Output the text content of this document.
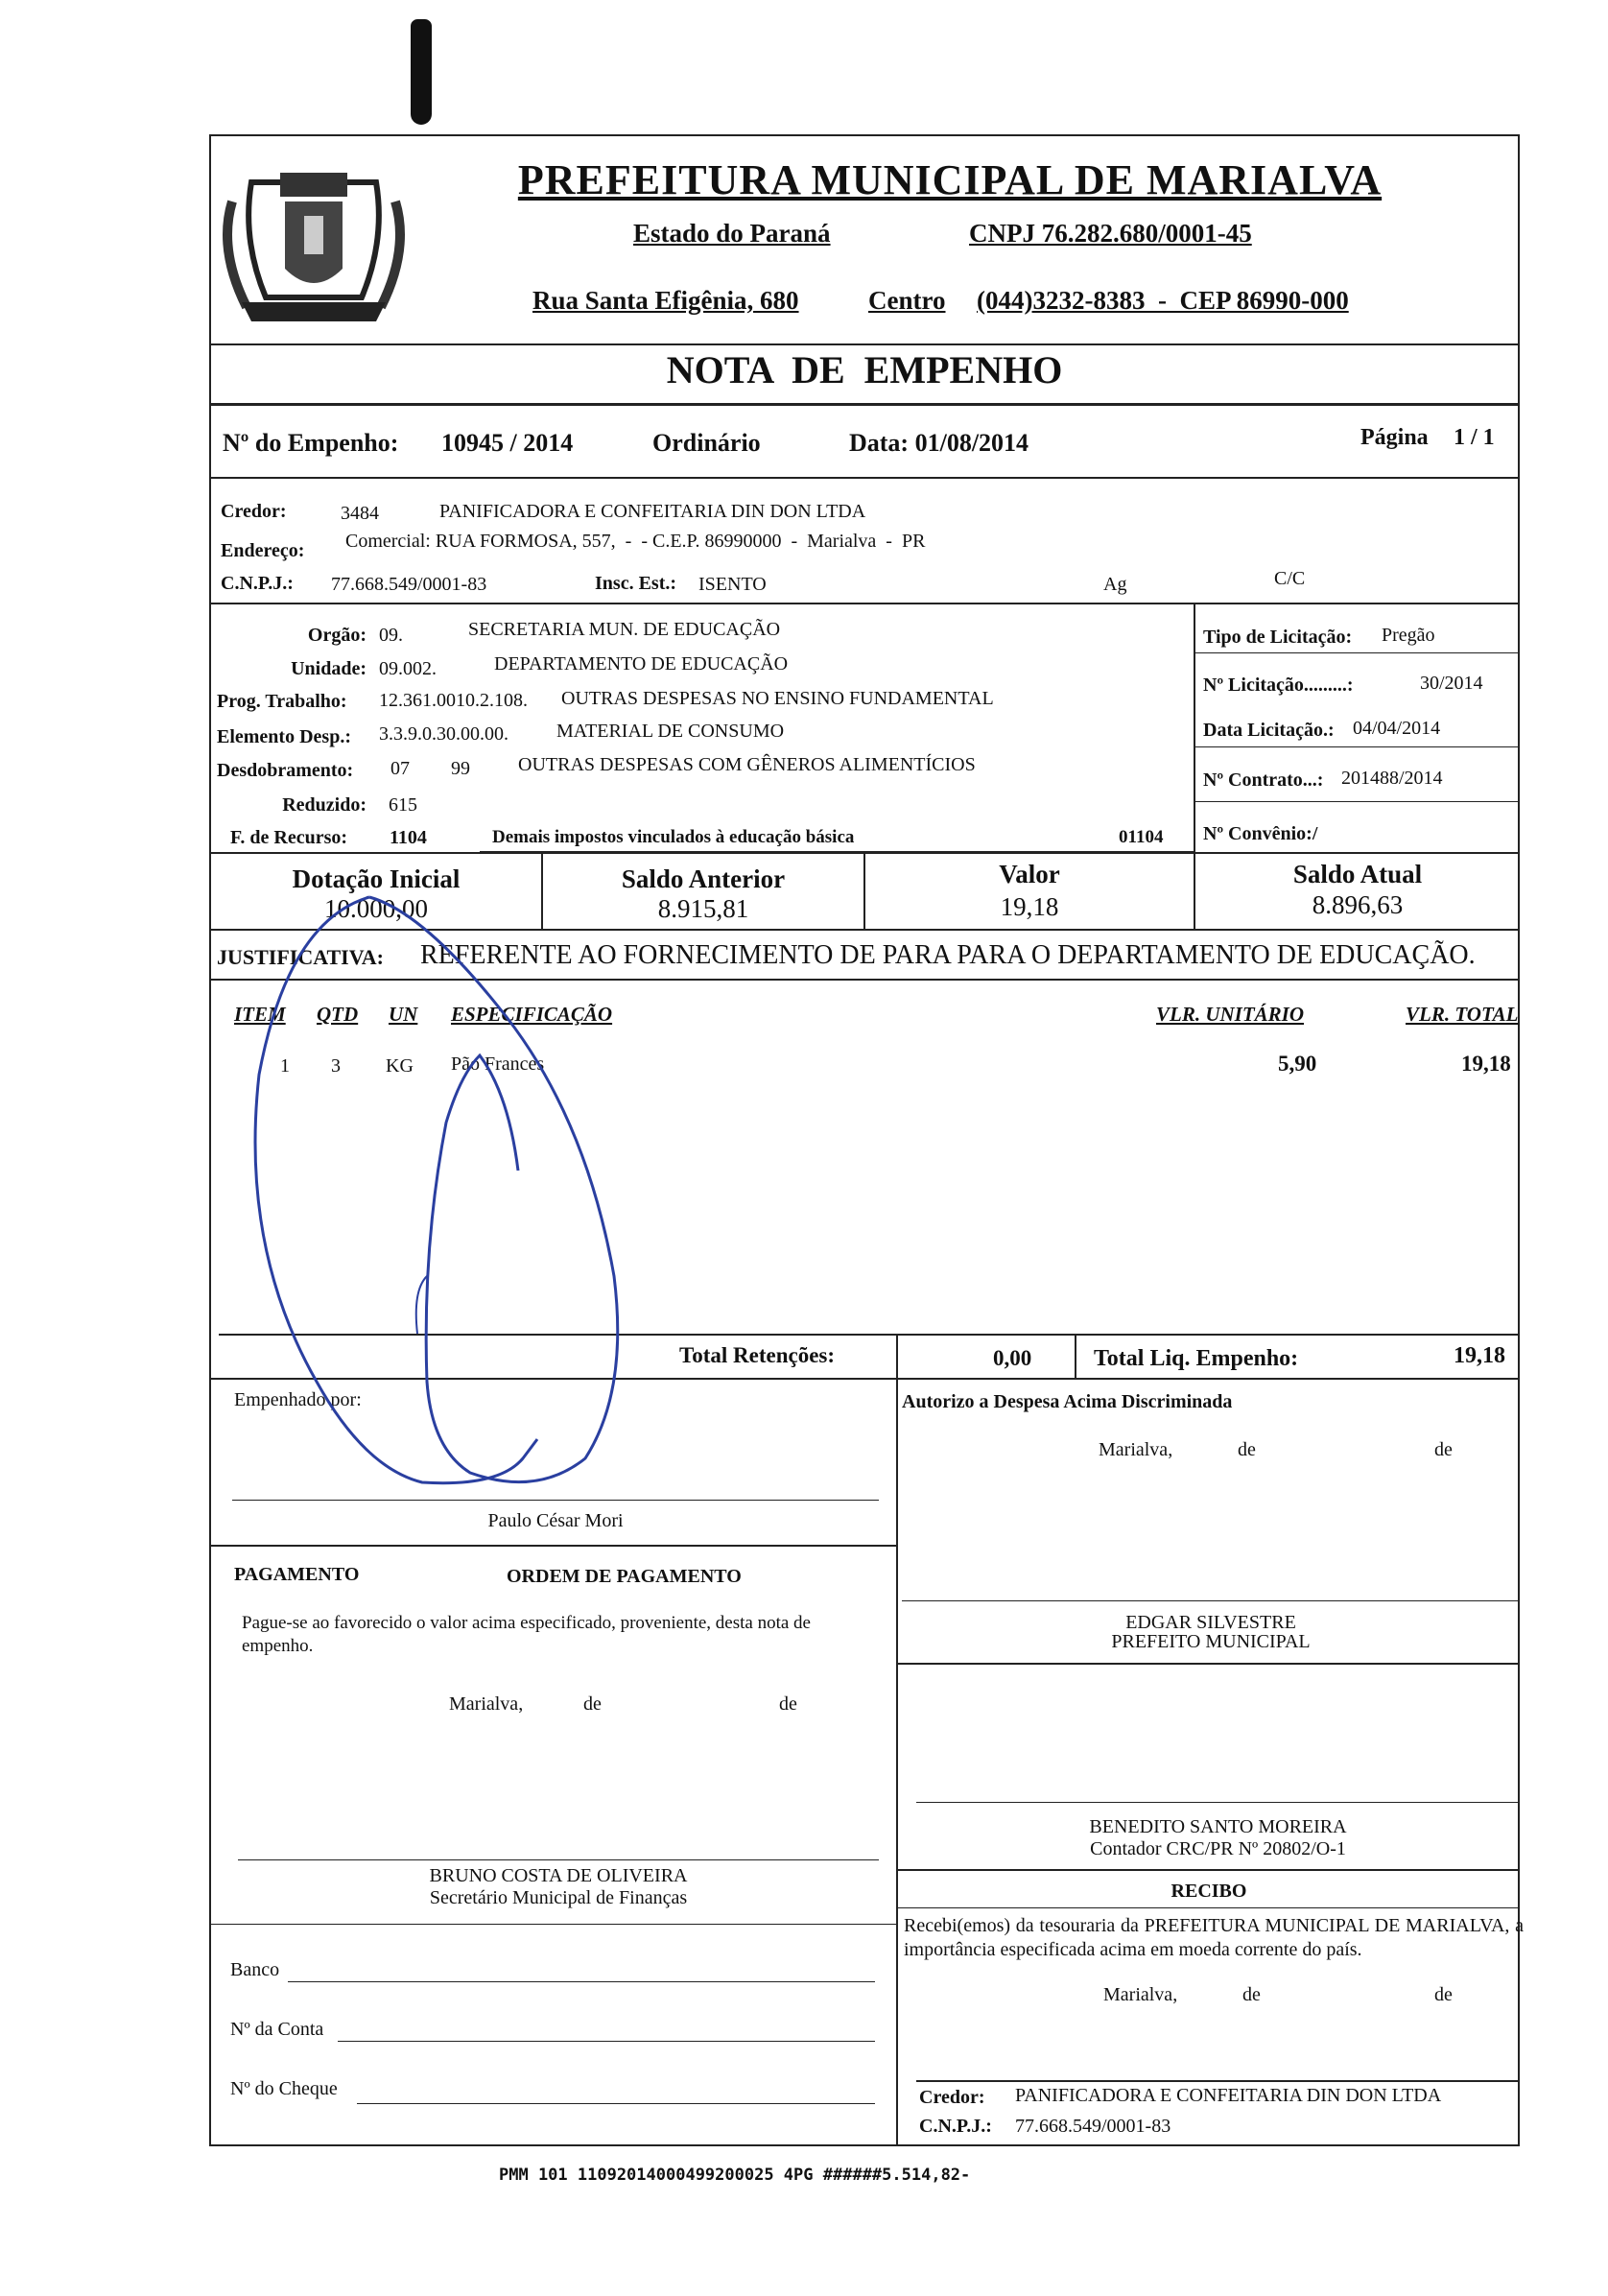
PREFEITURA MUNICIPAL DE MARIALVA
Estado do Paraná	CNPJ 76.282.680/0001-45
Rua Santa Efigênia, 680	Centro (044)3232-8383  -  CEP 86990-000
NOTA  DE  EMPENHO
Nº do Empenho: 10945 / 2014	Ordinário	Data: 01/08/2014	Página 1 / 1
Credor:	3484	PANIFICADORA E CONFEITARIA DIN DON LTDA
Endereço: Comercial: RUA FORMOSA, 557,  -  - C.E.P. 86990000  -  Marialva  -  PR
C.N.P.J.: 77.668.549/0001-83	Insc. Est.: ISENTO	Ag	C/C
Orgão: 09.	SECRETARIA MUN. DE EDUCAÇÃO
Unidade: 09.002.	DEPARTAMENTO DE EDUCAÇÃO
Prog. Trabalho: 12.361.0010.2.108. OUTRAS DESPESAS NO ENSINO FUNDAMENTAL
Elemento Desp.: 3.3.9.0.30.00.00.	MATERIAL DE CONSUMO
Desdobramento: 07 99	OUTRAS DESPESAS COM GÊNEROS ALIMENTÍCIOS
Reduzido: 615
F. de Recurso: 1104	Demais impostos vinculados à educação básica	01104
Tipo de Licitação: Pregão
Nº Licitação.........:	30/2014
Data Licitação.: 04/04/2014
Nº Contrato...: 201488/2014
Nº Convênio:/
Dotação Inicial
10.000,00
Saldo Anterior
8.915,81
Valor
19,18
Saldo Atual
8.896,63
JUSTIFICATIVA: REFERENTE AO FORNECIMENTO DE PARA PARA O DEPARTAMENTO DE EDUCAÇÃO.
ITEM QTD UN ESPECIFICAÇÃO	VLR. UNITÁRIO	VLR. TOTAL
1 3 KG Pão Frances	5,90	19,18
Total Retenções:	0,00	Total Liq. Empenho:	19,18
Empenhado por:
Paulo César Mori
Autorizo a Despesa Acima Discriminada
Marialva,	de	de
PAGAMENTO	ORDEM DE PAGAMENTO
Pague-se ao favorecido o valor acima especificado, proveniente, desta nota de empenho.
Marialva,	de	de
EDGAR SILVESTRE
PREFEITO MUNICIPAL
BENEDITO SANTO MOREIRA
Contador CRC/PR Nº 20802/O-1
BRUNO COSTA DE OLIVEIRA
Secretário Municipal de Finanças	RECIBO
Recebi(emos) da tesouraria da PREFEITURA MUNICIPAL DE MARIALVA, a importância especificada acima em moeda corrente do país.
Marialva,	de	de
Credor: PANIFICADORA E CONFEITARIA DIN DON LTDA
C.N.P.J.: 77.668.549/0001-83
Banco
Nº da Conta
Nº do Cheque
PMM 101 11092014000499200025 4PG ######5.514,82-
